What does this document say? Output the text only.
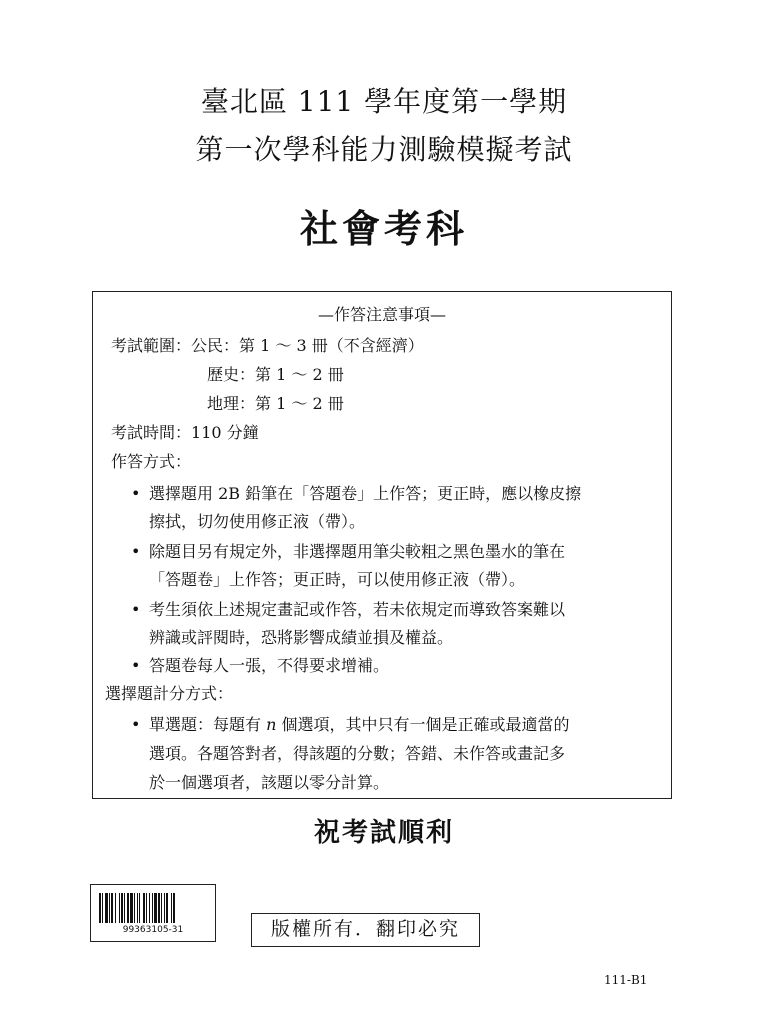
臺北區 111 學年度第一學期
第一次學科能力測驗模擬考試
社會考科
—作答注意事項—
考試範圍：公民：第 1 ～ 3 冊（不含經濟）
歷史：第 1 ～ 2 冊
地理：第 1 ～ 2 冊
考試時間：110 分鐘
作答方式：
• 選擇題用 2B 鉛筆在「答題卷」上作答；更正時，應以橡皮擦
擦拭，切勿使用修正液（帶）。
• 除題目另有規定外，非選擇題用筆尖較粗之黑色墨水的筆在
「答題卷」上作答；更正時，可以使用修正液（帶）。
• 考生須依上述規定畫記或作答，若未依規定而導致答案難以
辨識或評閱時，恐將影響成績並損及權益。
• 答題卷每人一張，不得要求增補。
選擇題計分方式：
• 單選題：每題有 n 個選項，其中只有一個是正確或最適當的
選項。各題答對者，得該題的分數；答錯、未作答或畫記多
於一個選項者，該題以零分計算。
祝考試順利
99363105-31	版權所有．翻印必究
111-B1
